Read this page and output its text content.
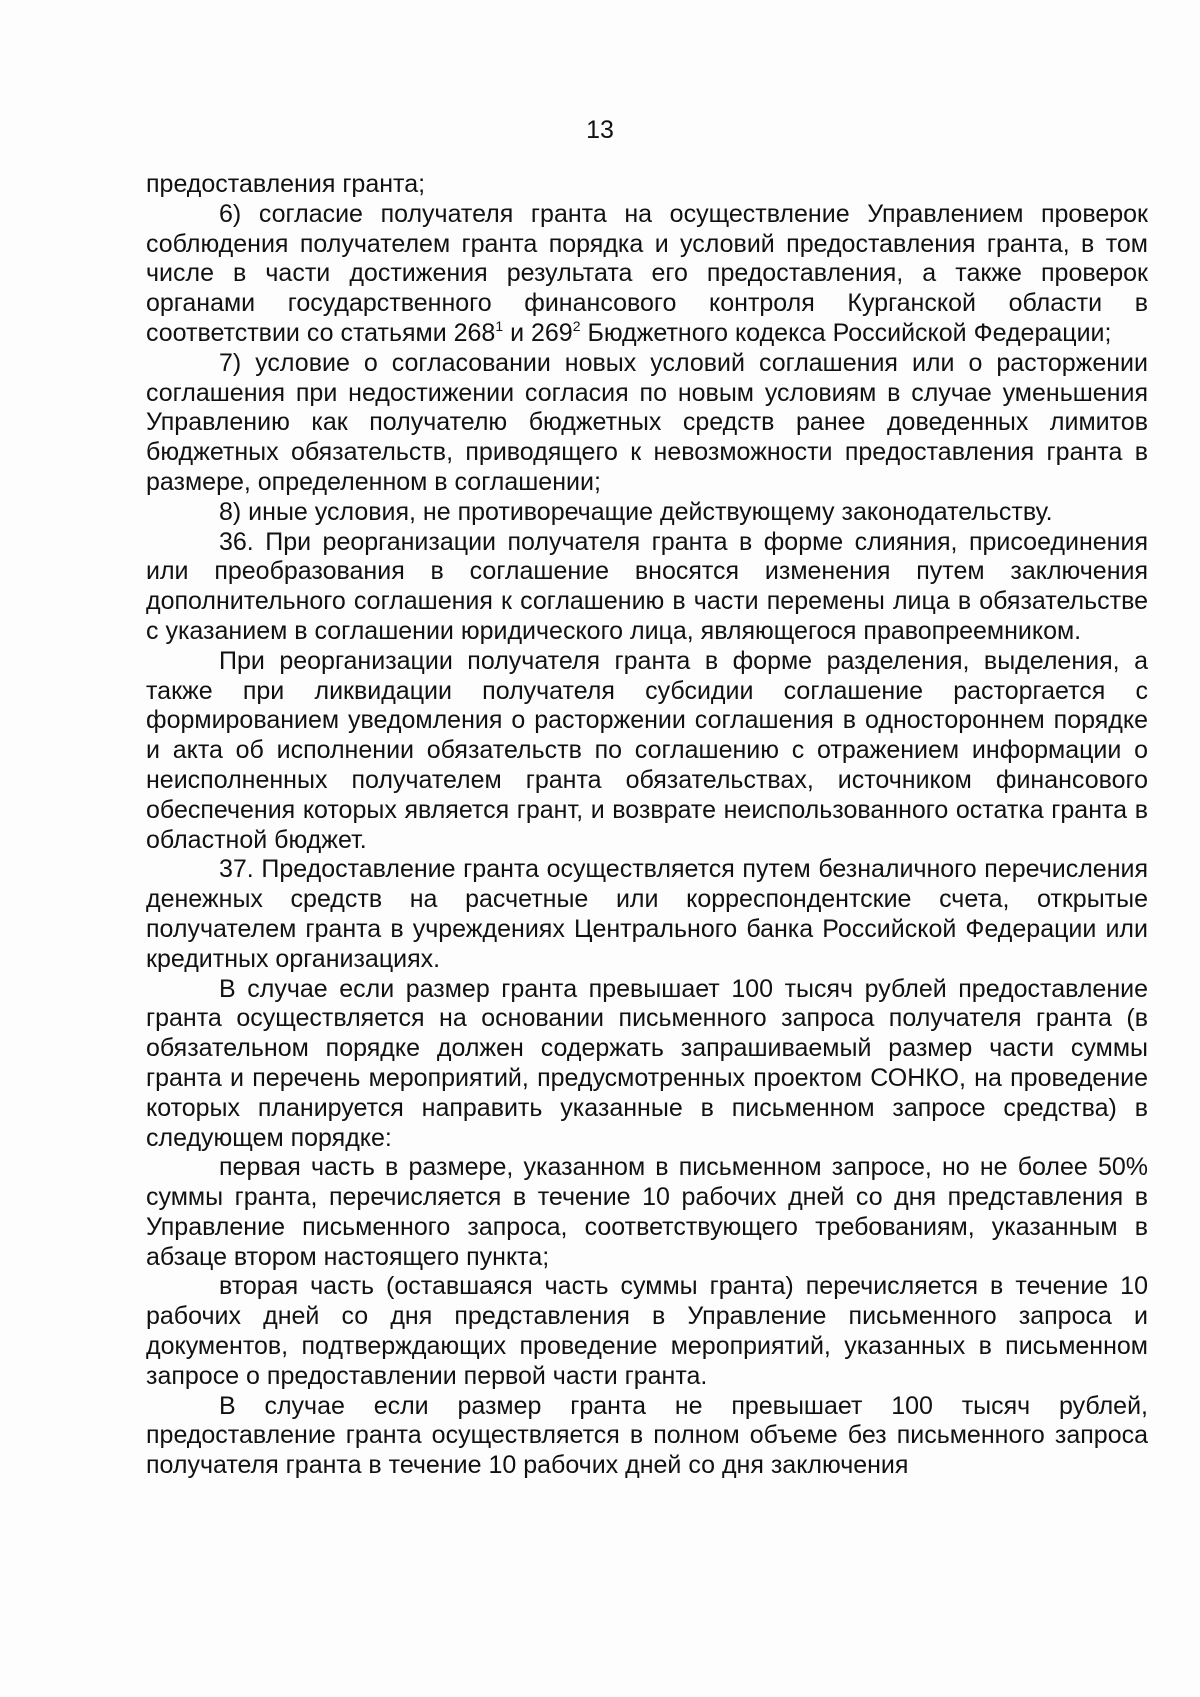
13

предоставления гранта;

6) согласие получателя гранта на осуществление Управлением проверок соблюдения получателем гранта порядка и условий предоставления гранта, в том числе в части достижения результата его предоставления, а также проверок органами государственного финансового контроля Курганской области в соответствии со статьями $268^1$ и $269^2$ Бюджетного кодекса Российской Федерации;

7) условие о согласовании новых условий соглашения или о расторжении соглашения при недостижении согласия по новым условиям в случае уменьшения Управлению как получателю бюджетных средств ранее доведенных лимитов бюджетных обязательств, приводящего к невозможности предоставления гранта в размере, определенном в соглашении;

8) иные условия, не противоречащие действующему законодательству.

36. При реорганизации получателя гранта в форме слияния, присоединения или преобразования в соглашение вносятся изменения путем заключения дополнительного соглашения к соглашению в части перемены лица в обязательстве с указанием в соглашении юридического лица, являющегося правопреемником.

При реорганизации получателя гранта в форме разделения, выделения, а также при ликвидации получателя субсидии соглашение расторгается с формированием уведомления о расторжении соглашения в одностороннем порядке и акта об исполнении обязательств по соглашению с отражением информации о неисполненных получателем гранта обязательствах, источником финансового обеспечения которых является грант, и возврате неиспользованного остатка гранта в областной бюджет.

37. Предоставление гранта осуществляется путем безналичного перечисления денежных средств на расчетные или корреспондентские счета, открытые получателем гранта в учреждениях Центрального банка Российской Федерации или кредитных организациях.

В случае если размер гранта превышает 100 тысяч рублей предоставление гранта осуществляется на основании письменного запроса получателя гранта (в обязательном порядке должен содержать запрашиваемый размер части суммы гранта и перечень мероприятий, предусмотренных проектом СОНКО, на проведение которых планируется направить указанные в письменном запросе средства) в следующем порядке:

первая часть в размере, указанном в письменном запросе, но не более 50% суммы гранта, перечисляется в течение 10 рабочих дней со дня представления в Управление письменного запроса, соответствующего требованиям, указанным в абзаце втором настоящего пункта;

вторая часть (оставшаяся часть суммы гранта) перечисляется в течение 10 рабочих дней со дня представления в Управление письменного запроса и документов, подтверждающих проведение мероприятий, указанных в письменном запросе о предоставлении первой части гранта.

В случае если размер гранта не превышает 100 тысяч рублей, предоставление гранта осуществляется в полном объеме без письменного запроса получателя гранта в течение 10 рабочих дней со дня заключения
